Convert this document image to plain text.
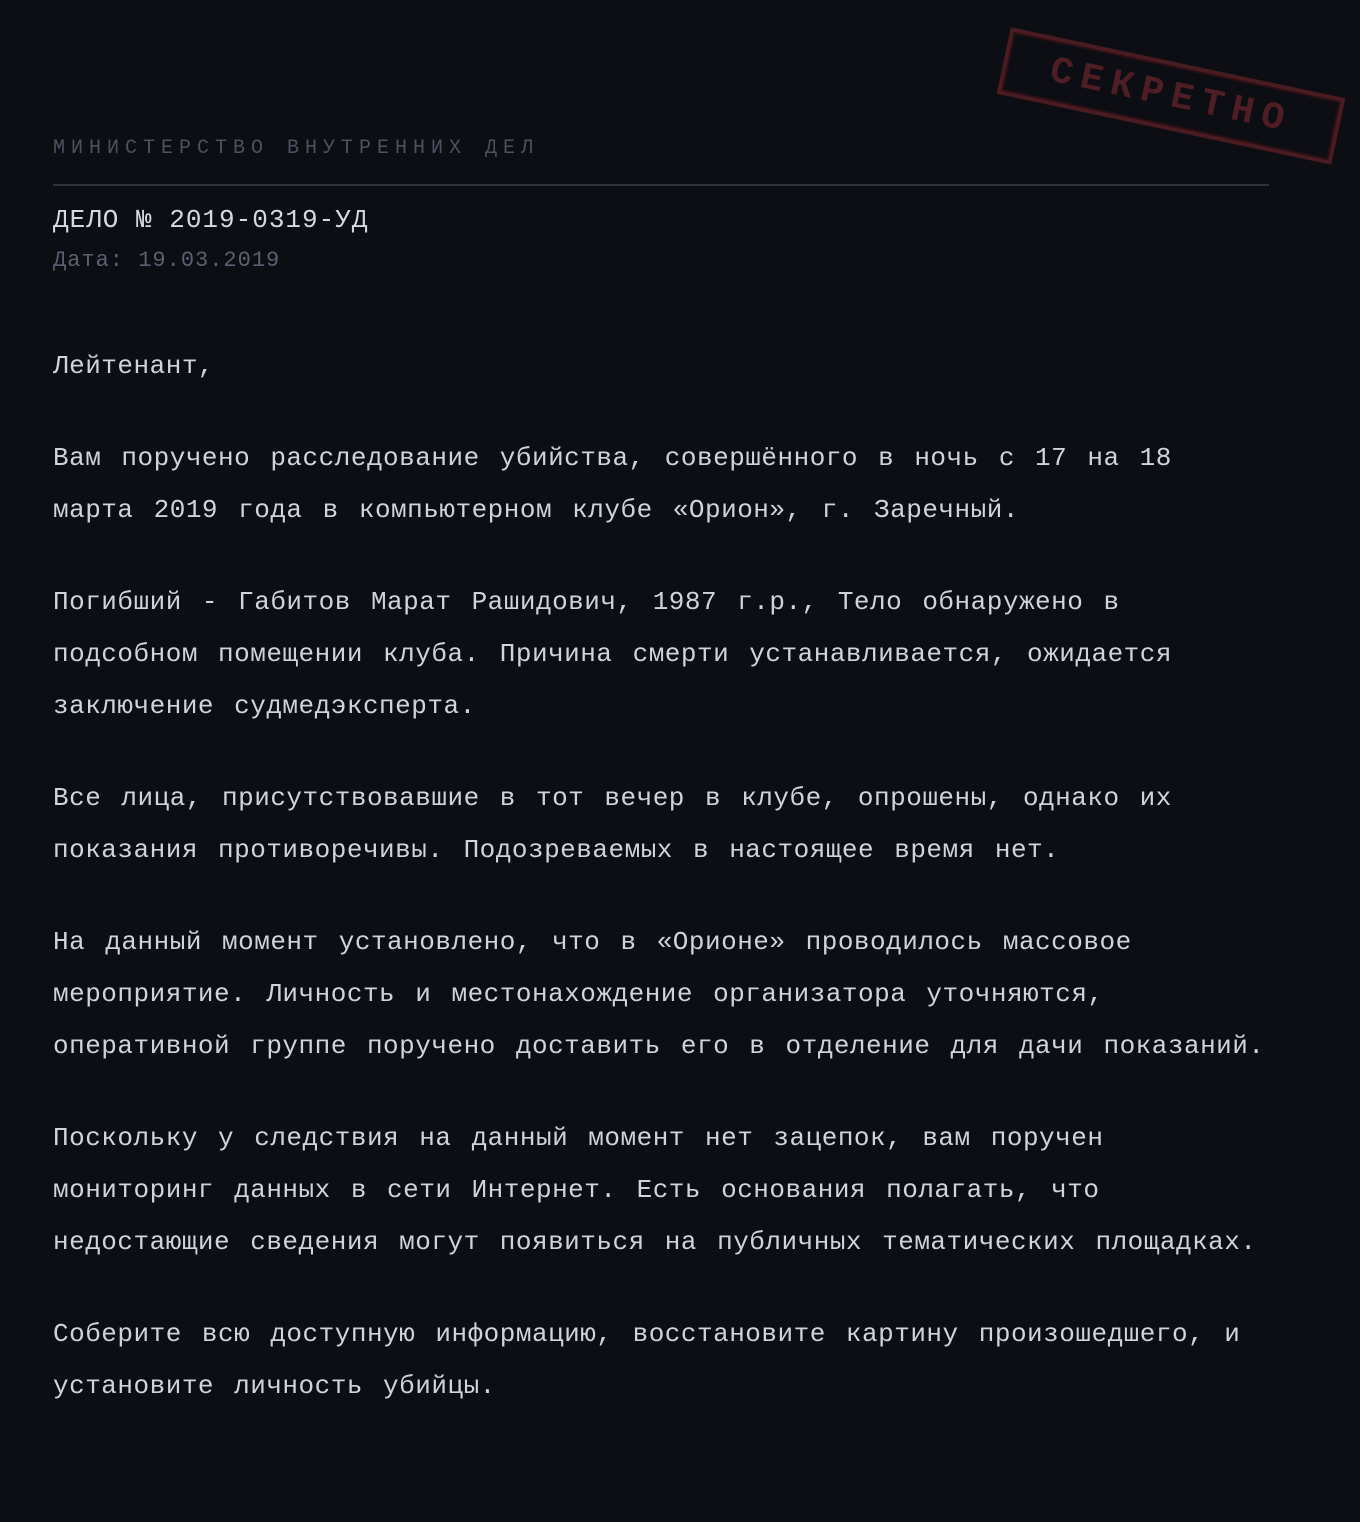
СЕКРЕТНО
МИНИСТЕРСТВО ВНУТРЕННИХ ДЕЛ
ДЕЛО № 2019-0319-УД
Дата: 19.03.2019

Лейтенант,

Вам поручено расследование убийства, совершённого в ночь с 17 на 18 марта 2019 года в компьютерном клубе «Орион», г. Заречный.

Погибший - Габитов Марат Рашидович, 1987 г.р., Тело обнаружено в подсобном помещении клуба. Причина смерти устанавливается, ожидается заключение судмедэксперта.

Все лица, присутствовавшие в тот вечер в клубе, опрошены, однако их показания противоречивы. Подозреваемых в настоящее время нет.

На данный момент установлено, что в «Орионе» проводилось массовое мероприятие. Личность и местонахождение организатора уточняются, оперативной группе поручено доставить его в отделение для дачи показаний.

Поскольку у следствия на данный момент нет зацепок, вам поручен мониторинг данных в сети Интернет. Есть основания полагать, что недостающие сведения могут появиться на публичных тематических площадках.

Соберите всю доступную информацию, восстановите картину произошедшего, и установите личность убийцы.
